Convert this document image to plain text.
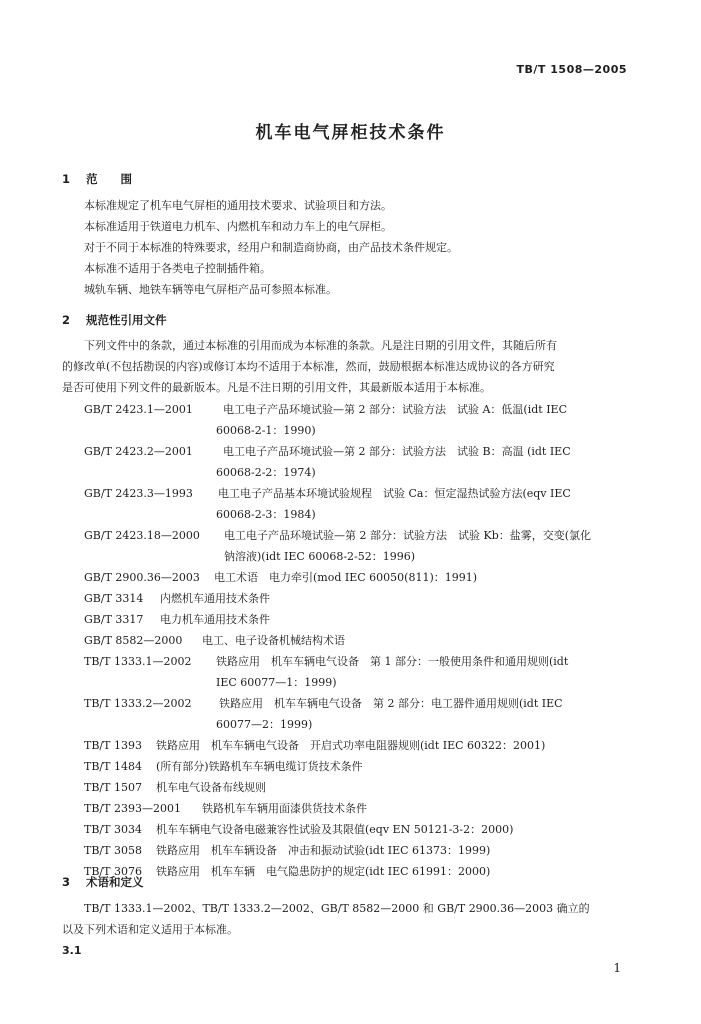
TB/T 1508—2005
机车电气屏柜技术条件
1 范　　围
本标准规定了机车电气屏柜的通用技术要求、试验项目和方法。
本标准适用于铁道电力机车、内燃机车和动力车上的电气屏柜。
对于不同于本标准的特殊要求，经用户和制造商协商，由产品技术条件规定。
本标准不适用于各类电子控制插件箱。
城轨车辆、地铁车辆等电气屏柜产品可参照本标准。
2 规范性引用文件
下列文件中的条款，通过本标准的引用而成为本标准的条款。凡是注日期的引用文件，其随后所有
的修改单(不包括勘误的内容)或修订本均不适用于本标准，然而，鼓励根据本标准达成协议的各方研究
是否可使用下列文件的最新版本。凡是不注日期的引用文件，其最新版本适用于本标准。
GB/T 2423.1—2001	电工电子产品环境试验—第 2 部分：试验方法　试验 A：低温(idt IEC
60068-2-1：1990)
GB/T 2423.2—2001	电工电子产品环境试验—第 2 部分：试验方法　试验 B：高温 (idt IEC
60068-2-2：1974)
GB/T 2423.3—1993 电工电子产品基本环境试验规程　试验 Ca：恒定湿热试验方法(eqv IEC
60068-2-3：1984)
GB/T 2423.18—2000 电工电子产品环境试验—第 2 部分：试验方法　试验 Kb：盐雾，交变(氯化
钠溶液)(idt IEC 60068-2-52：1996)
GB/T 2900.36—2003 电工术语　电力牵引(mod IEC 60050(811)：1991)
GB/T 3314 内燃机车通用技术条件
GB/T 3317 电力机车通用技术条件
GB/T 8582—2000 电工、电子设备机械结构术语
TB/T 1333.1—2002 铁路应用　机车车辆电气设备　第 1 部分：一般使用条件和通用规则(idt
IEC 60077—1：1999)
TB/T 1333.2—2002	铁路应用　机车车辆电气设备　第 2 部分：电工器件通用规则(idt IEC
60077—2：1999)
TB/T 1393 铁路应用　机车车辆电气设备　开启式功率电阻器规则(idt IEC 60322：2001)
TB/T 1484 (所有部分)铁路机车车辆电缆订货技术条件
TB/T 1507 机车电气设备布线规则
TB/T 2393—2001 铁路机车车辆用面漆供货技术条件
TB/T 3034 机车车辆电气设备电磁兼容性试验及其限值(eqv EN 50121-3-2：2000)
TB/T 3058 铁路应用　机车车辆设备　冲击和振动试验(idt IEC 61373：1999)
TB/T 3076 铁路应用　机车车辆　电气隐患防护的规定(idt IEC 61991：2000)
3 术语和定义
TB/T 1333.1—2002、TB/T 1333.2—2002、GB/T 8582—2000 和 GB/T 2900.36—2003 确立的
以及下列术语和定义适用于本标准。
3.1
1
